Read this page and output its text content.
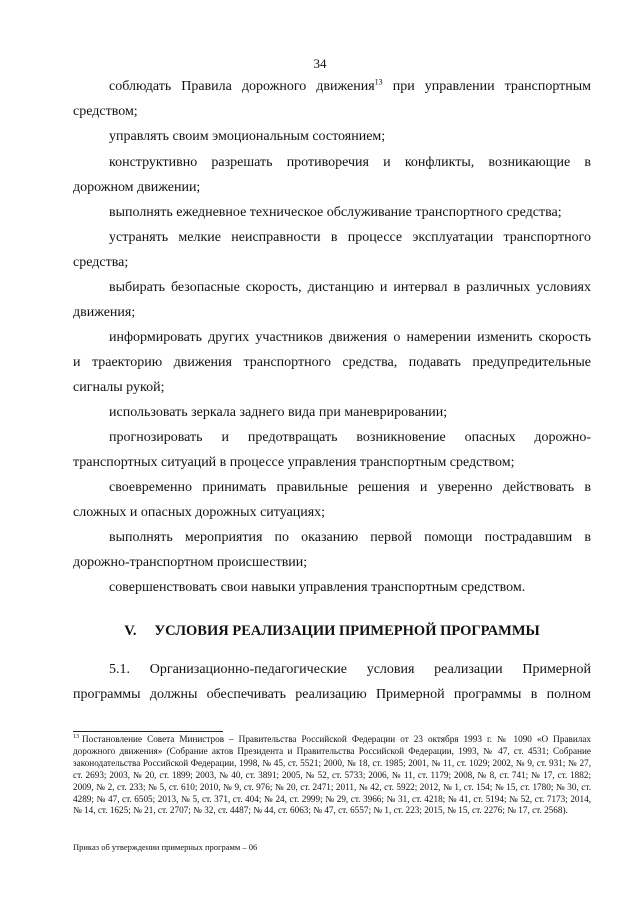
34

соблюдать Правила дорожного движения$^{13}$ при управлении транспортным
средством;

управлять своим эмоциональным состоянием;

конструктивно разрешать противоречия и конфликты, возникающие в
дорожном движении;

выполнять ежедневное техническое обслуживание транспортного средства;

устранять мелкие неисправности в процессе эксплуатации транспортного
средства;

выбирать безопасные скорость, дистанцию и интервал в различных условиях
движения;

информировать других участников движения о намерении изменить скорость
и траекторию движения транспортного средства, подавать предупредительные
сигналы рукой;

использовать зеркала заднего вида при маневрировании;

прогнозировать и предотвращать возникновение опасных дорожно-
транспортных ситуаций в процессе управления транспортным средством;

своевременно принимать правильные решения и уверенно действовать в
сложных и опасных дорожных ситуациях;

выполнять мероприятия по оказанию первой помощи пострадавшим в
дорожно-транспортном происшествии;

совершенствовать свои навыки управления транспортным средством.

V. УСЛОВИЯ РЕАЛИЗАЦИИ ПРИМЕРНОЙ ПРОГРАММЫ

5.1. Организационно-педагогические условия реализации Примерной
программы должны обеспечивать реализацию Примерной программы в полном

$^{13}$ Постановление Совета Министров – Правительства Российской Федерации от 23 октября 1993 г. № 1090 «О Правилах дорожного движения» (Собрание актов Президента и Правительства Российской Федерации, 1993, № 47, ст. 4531; Собрание законодательства Российской Федерации, 1998, № 45, ст. 5521; 2000, № 18, ст. 1985; 2001, № 11, ст. 1029; 2002, № 9, ст. 931; № 27, ст. 2693; 2003, № 20, ст. 1899; 2003, № 40, ст. 3891; 2005, № 52, ст. 5733; 2006, № 11, ст. 1179; 2008, № 8, ст. 741; № 17, ст. 1882; 2009, № 2, ст. 233; № 5, ст. 610; 2010, № 9, ст. 976; № 20, ст. 2471; 2011, № 42, ст. 5922; 2012, № 1, ст. 154; № 15, ст. 1780; № 30, ст. 4289; № 47, ст. 6505; 2013, № 5, ст. 371, ст. 404; № 24, ст. 2999; № 29, ст. 3966; № 31, ст. 4218; № 41, ст. 5194; № 52, ст. 7173; 2014, № 14, ст. 1625; № 21, ст. 2707; № 32, ст. 4487; № 44, ст. 6063; № 47, ст. 6557; № 1, ст. 223; 2015, № 15, ст. 2276; № 17, ст. 2568).

Приказ об утверждении примерных программ – 06
